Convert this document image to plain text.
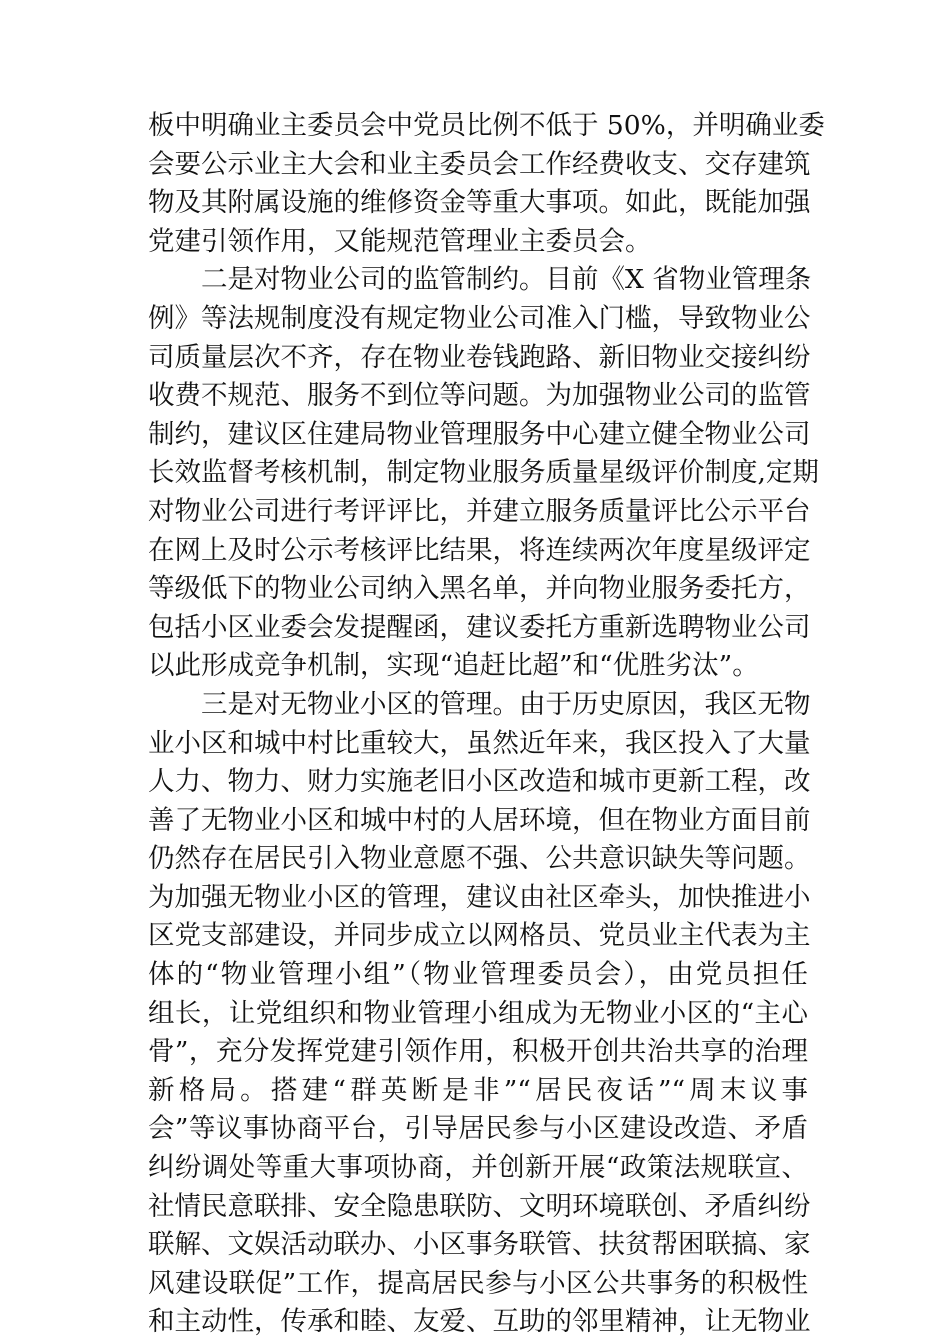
板中明确业主委员会中党员比例不低于 50%，并明确业委
会要公示业主大会和业主委员会工作经费收支、交存建筑
物及其附属设施的维修资金等重大事项。如此，既能加强
党建引领作用，又能规范管理业主委员会。
　　二是对物业公司的监管制约。目前《X 省物业管理条
例》等法规制度没有规定物业公司准入门槛，导致物业公
司质量层次不齐，存在物业卷钱跑路、新旧物业交接纠纷
收费不规范、服务不到位等问题。为加强物业公司的监管
制约，建议区住建局物业管理服务中心建立健全物业公司
长效监督考核机制，制定物业服务质量星级评价制度,定期
对物业公司进行考评评比，并建立服务质量评比公示平台
在网上及时公示考核评比结果，将连续两次年度星级评定
等级低下的物业公司纳入黑名单，并向物业服务委托方，
包括小区业委会发提醒函，建议委托方重新选聘物业公司
以此形成竞争机制，实现“追赶比超”和“优胜劣汰”。
　　三是对无物业小区的管理。由于历史原因，我区无物
业小区和城中村比重较大，虽然近年来，我区投入了大量
人力、物力、财力实施老旧小区改造和城市更新工程，改
善了无物业小区和城中村的人居环境，但在物业方面目前
仍然存在居民引入物业意愿不强、公共意识缺失等问题。
为加强无物业小区的管理，建议由社区牵头，加快推进小
区党支部建设，并同步成立以网格员、党员业主代表为主
体的“物业管理小组”（物业管理委员会），由党员担任
组长，让党组织和物业管理小组成为无物业小区的“主心
骨”，充分发挥党建引领作用，积极开创共治共享的治理
新格局。搭建“群英断是非”“居民夜话”“周末议事
会”等议事协商平台，引导居民参与小区建设改造、矛盾
纠纷调处等重大事项协商，并创新开展“政策法规联宣、
社情民意联排、安全隐患联防、文明环境联创、矛盾纠纷
联解、文娱活动联办、小区事务联管、扶贫帮困联搞、家
风建设联促”工作，提高居民参与小区公共事务的积极性
和主动性，传承和睦、友爱、互助的邻里精神，让无物业
